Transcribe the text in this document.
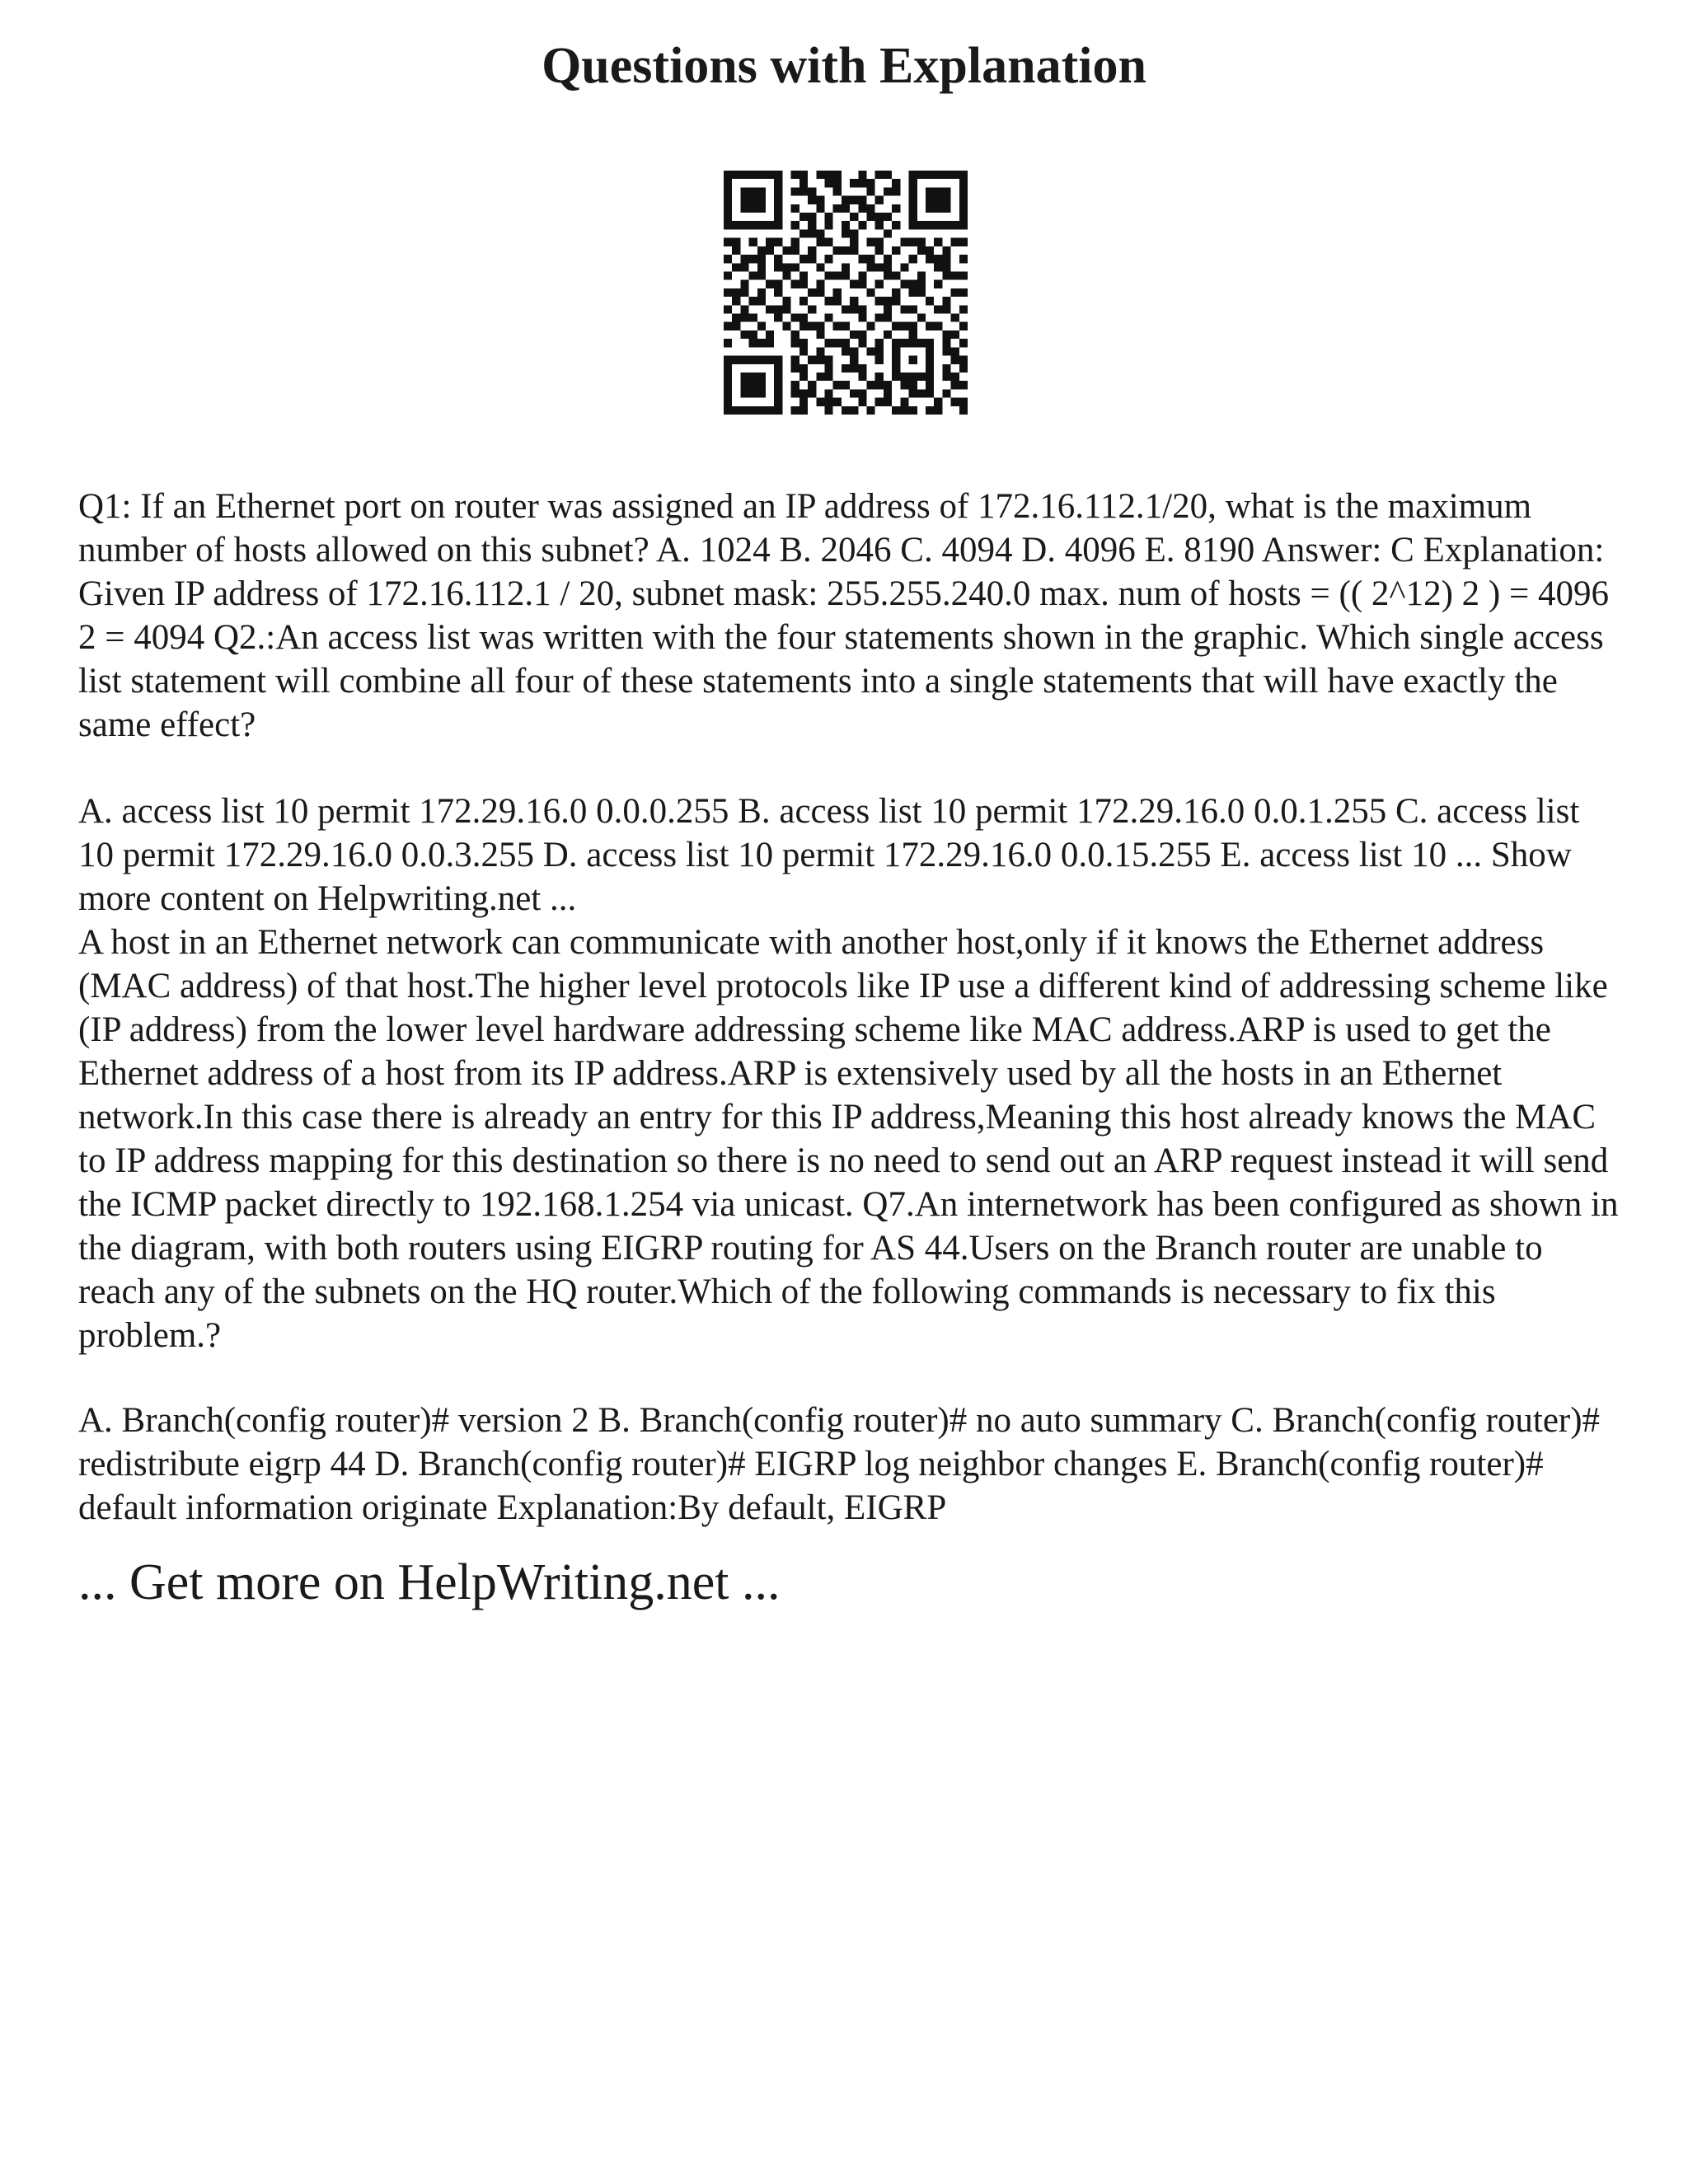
Questions with Explanation

Q1: If an Ethernet port on router was assigned an IP address of 172.16.112.1/20, what is the maximum number of hosts allowed on this subnet? A. 1024 B. 2046 C. 4094 D. 4096 E. 8190 Answer: C Explanation: Given IP address of 172.16.112.1 / 20, subnet mask: 255.255.240.0 max. num of hosts = (( 2^12) 2 ) = 4096 2 = 4094 Q2.:An access list was written with the four statements shown in the graphic. Which single access list statement will combine all four of these statements into a single statements that will have exactly the same effect?

A. access list 10 permit 172.29.16.0 0.0.0.255 B. access list 10 permit 172.29.16.0 0.0.1.255 C. access list 10 permit 172.29.16.0 0.0.3.255 D. access list 10 permit 172.29.16.0 0.0.15.255 E. access list 10 ... Show more content on Helpwriting.net ...

A host in an Ethernet network can communicate with another host,only if it knows the Ethernet address (MAC address) of that host.The higher level protocols like IP use a different kind of addressing scheme like (IP address) from the lower level hardware addressing scheme like MAC address.ARP is used to get the Ethernet address of a host from its IP address.ARP is extensively used by all the hosts in an Ethernet network.In this case there is already an entry for this IP address,Meaning this host already knows the MAC to IP address mapping for this destination so there is no need to send out an ARP request instead it will send the ICMP packet directly to 192.168.1.254 via unicast. Q7.An internetwork has been configured as shown in the diagram, with both routers using EIGRP routing for AS 44.Users on the Branch router are unable to reach any of the subnets on the HQ router.Which of the following commands is necessary to fix this problem.?

A. Branch(config router)# version 2 B. Branch(config router)# no auto summary C. Branch(config router)# redistribute eigrp 44 D. Branch(config router)# EIGRP log neighbor changes E. Branch(config router)# default information originate Explanation:By default, EIGRP

... Get more on HelpWriting.net ...
